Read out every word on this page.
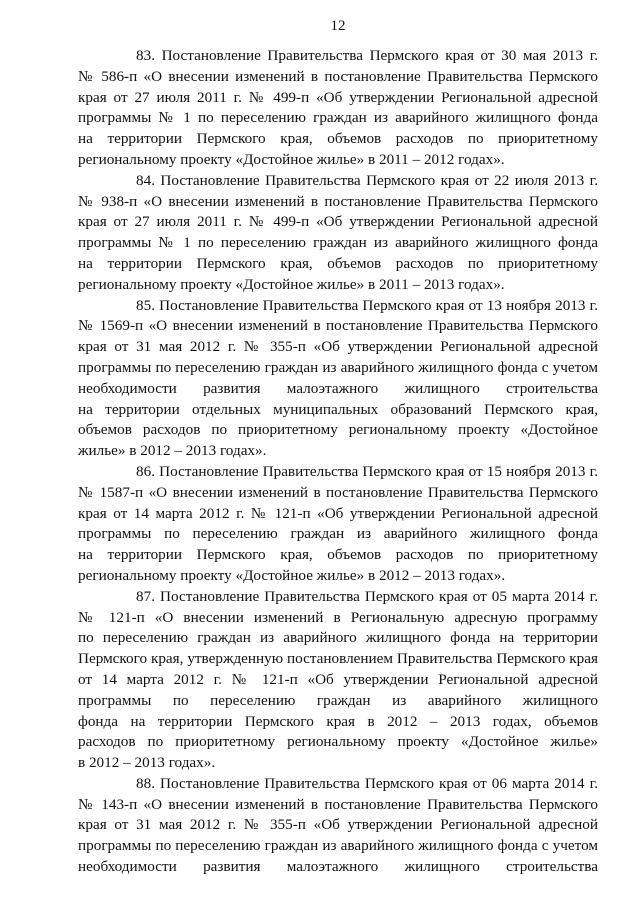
12
83. Постановление Правительства Пермского края от 30 мая 2013 г.
№ 586-п «О внесении изменений в постановление Правительства Пермского
края от 27 июля 2011 г. № 499-п «Об утверждении Региональной адресной
программы № 1 по переселению граждан из аварийного жилищного фонда
на территории Пермского края, объемов расходов по приоритетному
региональному проекту «Достойное жилье» в 2011 – 2012 годах».
84. Постановление Правительства Пермского края от 22 июля 2013 г.
№ 938-п «О внесении изменений в постановление Правительства Пермского
края от 27 июля 2011 г. № 499-п «Об утверждении Региональной адресной
программы № 1 по переселению граждан из аварийного жилищного фонда
на территории Пермского края, объемов расходов по приоритетному
региональному проекту «Достойное жилье» в 2011 – 2013 годах».
85. Постановление Правительства Пермского края от 13 ноября 2013 г.
№ 1569-п «О внесении изменений в постановление Правительства Пермского
края от 31 мая 2012 г. № 355-п «Об утверждении Региональной адресной
программы по переселению граждан из аварийного жилищного фонда с учетом
необходимости развития малоэтажного жилищного строительства
на территории отдельных муниципальных образований Пермского края,
объемов расходов по приоритетному региональному проекту «Достойное
жилье» в 2012 – 2013 годах».
86. Постановление Правительства Пермского края от 15 ноября 2013 г.
№ 1587-п «О внесении изменений в постановление Правительства Пермского
края от 14 марта 2012 г. № 121-п «Об утверждении Региональной адресной
программы по переселению граждан из аварийного жилищного фонда
на территории Пермского края, объемов расходов по приоритетному
региональному проекту «Достойное жилье» в 2012 – 2013 годах».
87. Постановление Правительства Пермского края от 05 марта 2014 г.
№ 121-п «О внесении изменений в Региональную адресную программу
по переселению граждан из аварийного жилищного фонда на территории
Пермского края, утвержденную постановлением Правительства Пермского края
от 14 марта 2012 г. № 121-п «Об утверждении Региональной адресной
программы по переселению граждан из аварийного жилищного
фонда на территории Пермского края в 2012 – 2013 годах, объемов
расходов по приоритетному региональному проекту «Достойное жилье»
в 2012 – 2013 годах».
88. Постановление Правительства Пермского края от 06 марта 2014 г.
№ 143-п «О внесении изменений в постановление Правительства Пермского
края от 31 мая 2012 г. № 355-п «Об утверждении Региональной адресной
программы по переселению граждан из аварийного жилищного фонда с учетом
необходимости развития малоэтажного жилищного строительства
